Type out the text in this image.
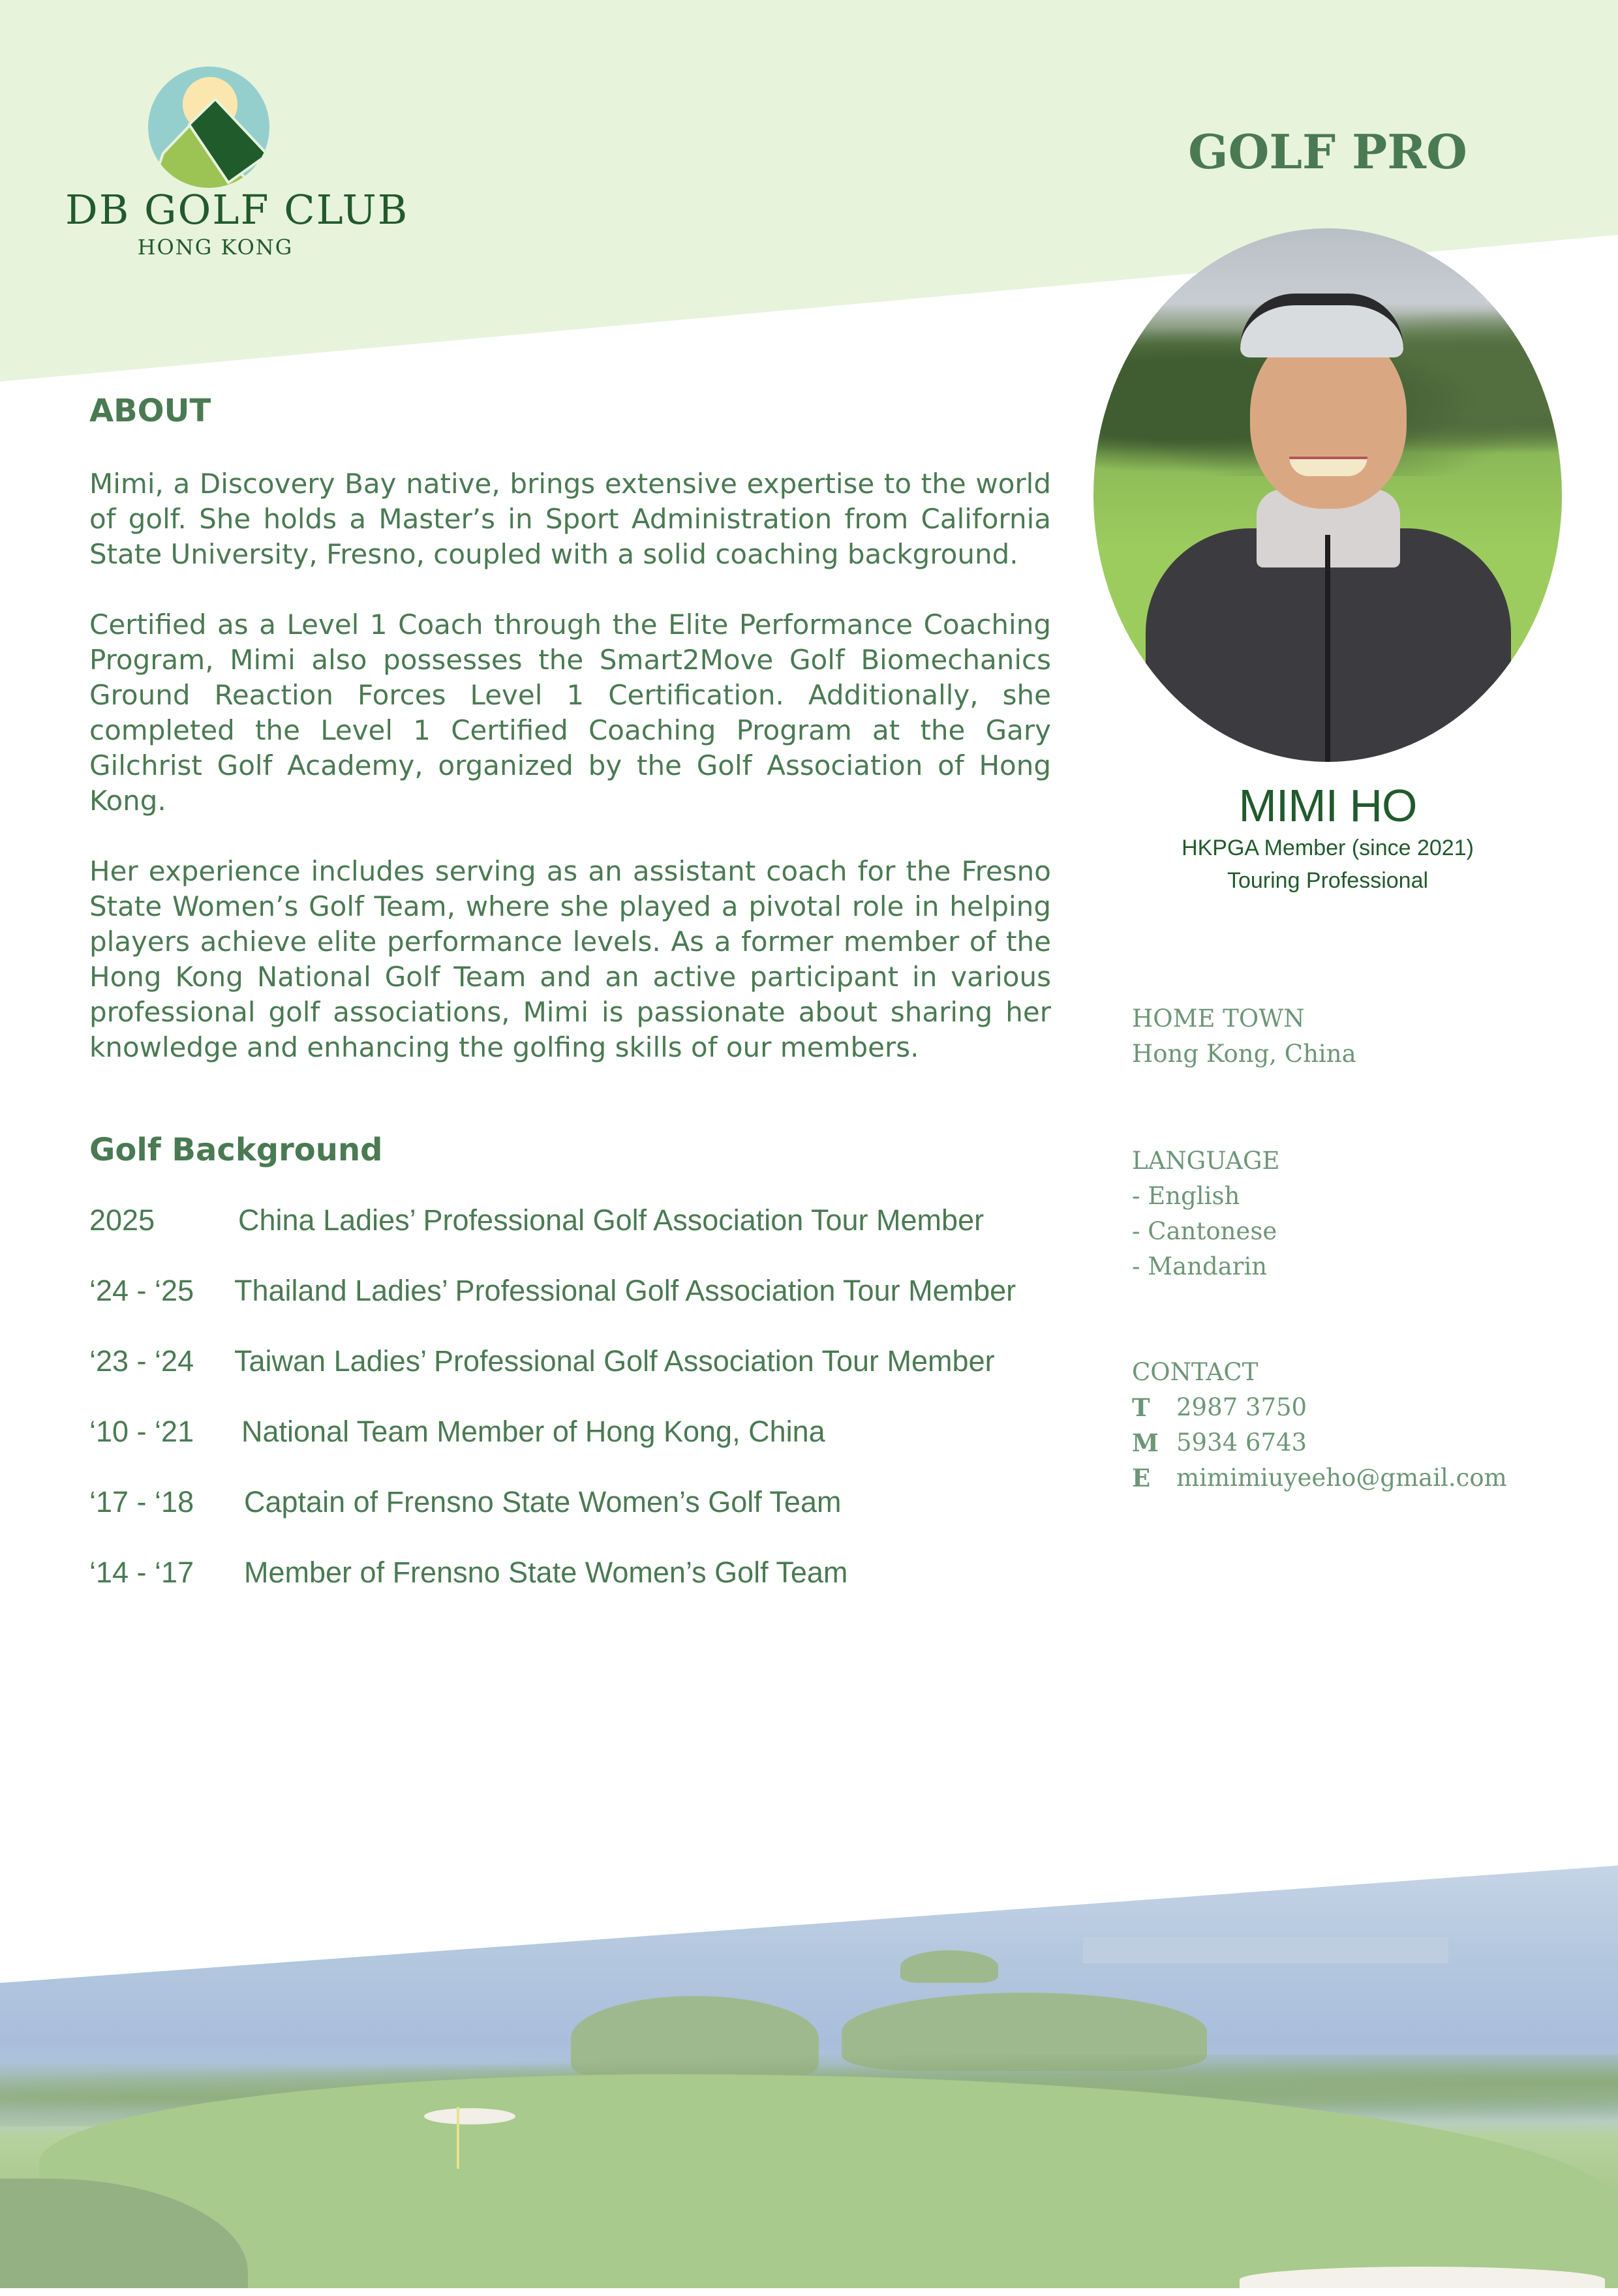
DB GOLF CLUB
HONG KONG
GOLF PRO
ABOUT

Mimi, a Discovery Bay native, brings extensive expertise to the world of golf. She holds a Master’s in Sport Administration from California State University, Fresno, coupled with a solid coaching background.

Certified as a Level 1 Coach through the Elite Performance Coaching Program, Mimi also possesses the Smart2Move Golf Biomechanics Ground Reaction Forces Level 1 Certification. Additionally, she completed the Level 1 Certified Coaching Program at the Gary Gilchrist Golf Academy, organized by the Golf Association of Hong Kong.

Her experience includes serving as an assistant coach for the Fresno State Women’s Golf Team, where she played a pivotal role in helping players achieve elite performance levels. As a former member of the Hong Kong National Golf Team and an active participant in various professional golf associations, Mimi is passionate about sharing her knowledge and enhancing the golfing skills of our members.

Golf Background
2025	China Ladies’ Professional Golf Association Tour Member
‘24 - ‘25	Thailand Ladies’ Professional Golf Association Tour Member
‘23 - ‘24	Taiwan Ladies’ Professional Golf Association Tour Member
‘10 - ‘21	National Team Member of Hong Kong, China
‘17 - ‘18	Captain of Frensno State Women’s Golf Team
‘14 - ‘17	Member of Frensno State Women’s Golf Team
MIMI HO
HKPGA Member (since 2021)
Touring Professional
HOME TOWN
Hong Kong, China
LANGUAGE
- English
- Cantonese
- Mandarin
CONTACT
T	2987 3750
M 5934 6743
E	mimimiuyeeho@gmail.com
